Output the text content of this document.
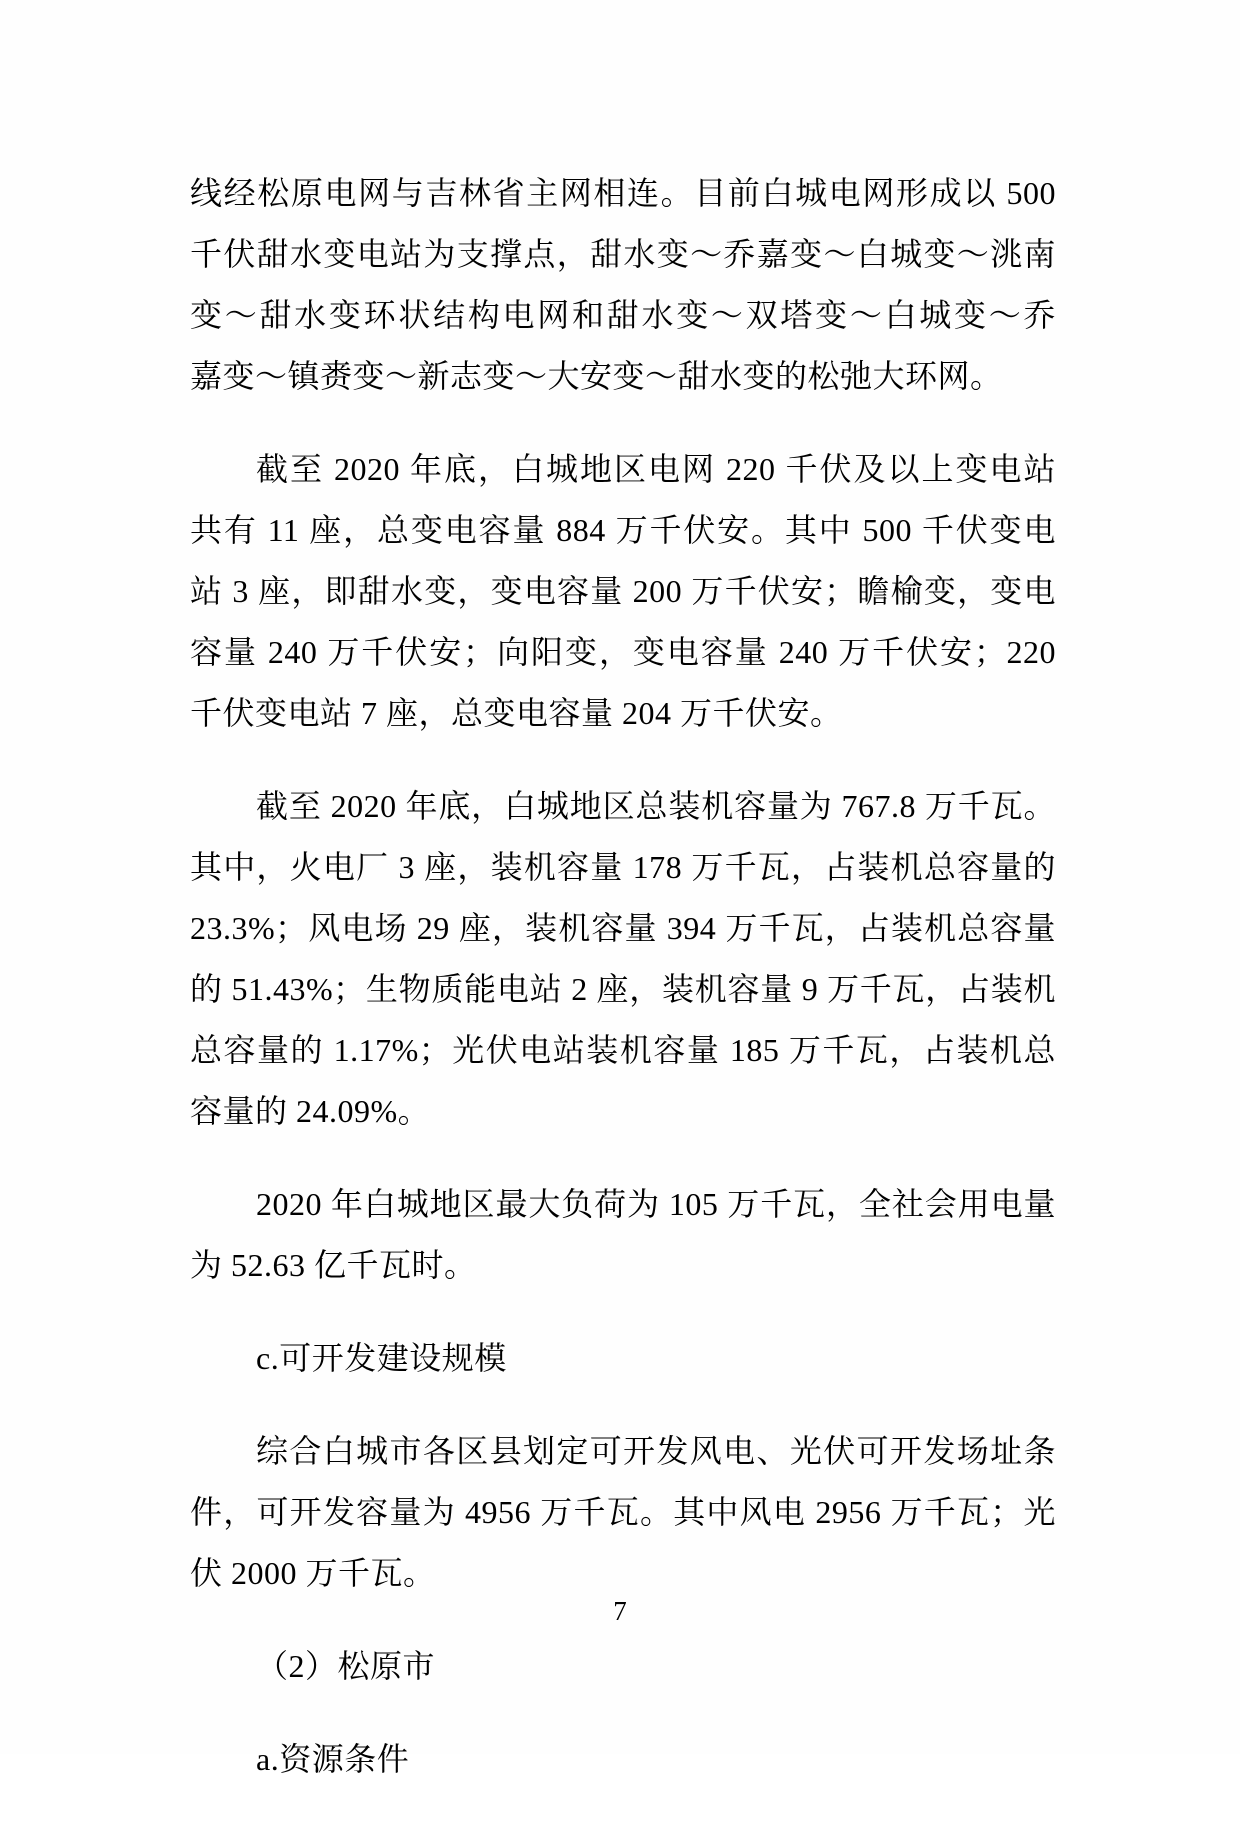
线经松原电网与吉林省主网相连。目前白城电网形成以 500
千伏甜水变电站为支撑点，甜水变～乔嘉变～白城变～洮南
变～甜水变环状结构电网和甜水变～双塔变～白城变～乔
嘉变～镇赉变～新志变～大安变～甜水变的松弛大环网。

截至 2020 年底，白城地区电网 220 千伏及以上变电站
共有 11 座，总变电容量 884 万千伏安。其中 500 千伏变电
站 3 座，即甜水变，变电容量 200 万千伏安；瞻榆变，变电
容量 240 万千伏安；向阳变，变电容量 240 万千伏安；220
千伏变电站 7 座，总变电容量 204 万千伏安。

截至 2020 年底，白城地区总装机容量为 767.8 万千瓦。
其中，火电厂 3 座，装机容量 178 万千瓦，占装机总容量的
23.3%；风电场 29 座，装机容量 394 万千瓦，占装机总容量
的 51.43%；生物质能电站 2 座，装机容量 9 万千瓦，占装机
总容量的 1.17%；光伏电站装机容量 185 万千瓦，占装机总
容量的 24.09%。

2020 年白城地区最大负荷为 105 万千瓦，全社会用电量
为 52.63 亿千瓦时。

c.可开发建设规模

综合白城市各区县划定可开发风电、光伏可开发场址条
件，可开发容量为 4956 万千瓦。其中风电 2956 万千瓦；光
伏 2000 万千瓦。

（2）松原市

a.资源条件

7
